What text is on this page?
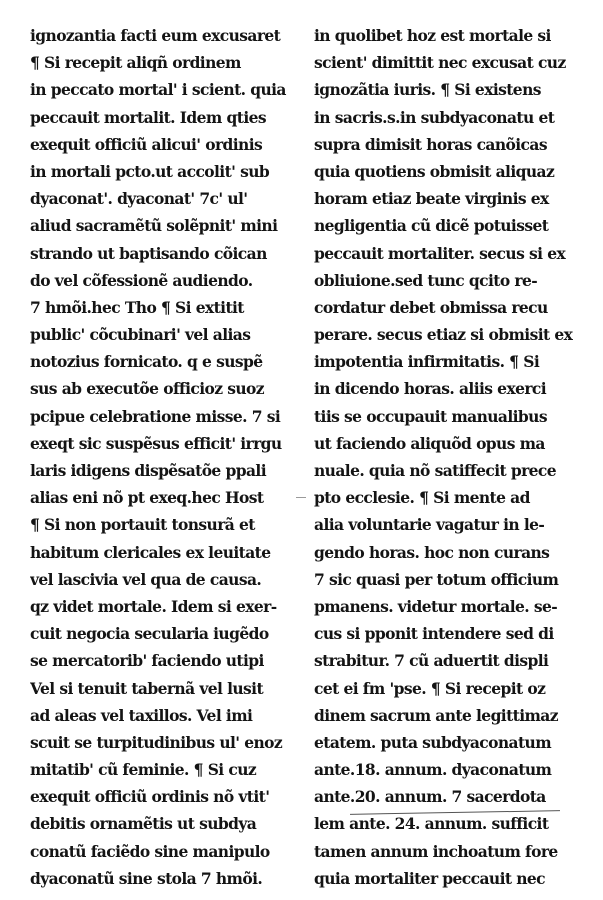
ignozantia facti eum excusaret
¶ Si recepit aliqñ ordinem
in peccato mortal' i scient. quia
peccauit mortalit. Idem qties
exequit officiũ alicui' ordinis
in mortali pcto.ut accolit' sub
dyaconat'. dyaconat' 7c' ul'
aliud sacramẽtũ solẽpnit' mini
strando ut baptisando cõican
do vel cõfessionẽ audiendo.
7 hmõi.hec Tho ¶ Si extitit
public' cõcubinari' vel alias
notozius fornicato. q e suspẽ
sus ab executõe officioz suoz
pcipue celebratione misse. 7 si
exeqt sic suspẽsus efficit' irrgu
laris idigens dispẽsatõe ppali
alias eni nõ pt exeq.hec Host
¶ Si non portauit tonsurã et
habitum clericales ex leuitate
vel lascivia vel qua de causa.
qz videt mortale. Idem si exer-
cuit negocia secularia iugẽdo
se mercatorib' faciendo utipi
Vel si tenuit tabernã vel lusit
ad aleas vel taxillos. Vel imi
scuit se turpitudinibus ul' enoz
mitatib' cũ feminie. ¶ Si cuz
exequit officiũ ordinis nõ vtit'
debitis ornamẽtis ut subdya
conatũ faciẽdo sine manipulo
dyaconatũ sine stola 7 hmõi.
in quolibet hoz est mortale si
scient' dimittit nec excusat cuz
ignozãtia iuris. ¶ Si existens
in sacris.s.in subdyaconatu et
supra dimisit horas canõicas
quia quotiens obmisit aliquaz
horam etiaz beate virginis ex
negligentia cũ dicẽ potuisset
peccauit mortaliter. secus si ex
obliuione.sed tunc qcito re-
cordatur debet obmissa recu
perare. secus etiaz si obmisit ex
impotentia infirmitatis. ¶ Si
in dicendo horas. aliis exerci
tiis se occupauit manualibus
ut faciendo aliquõd opus ma
nuale. quia nõ satiffecit prece
pto ecclesie. ¶ Si mente ad
alia voluntarie vagatur in le-
gendo horas. hoc non curans
7 sic quasi per totum officium
pmanens. videtur mortale. se-
cus si pponit intendere sed di
strabitur. 7 cũ aduertit displi
cet ei fm 'pse. ¶ Si recepit oz
dinem sacrum ante legittimaz
etatem. puta subdyaconatum
ante.18. annum. dyaconatum
ante.20. annum. 7 sacerdota
lem ante. 24. annum. sufficit
tamen annum inchoatum fore
quia mortaliter peccauit nec
